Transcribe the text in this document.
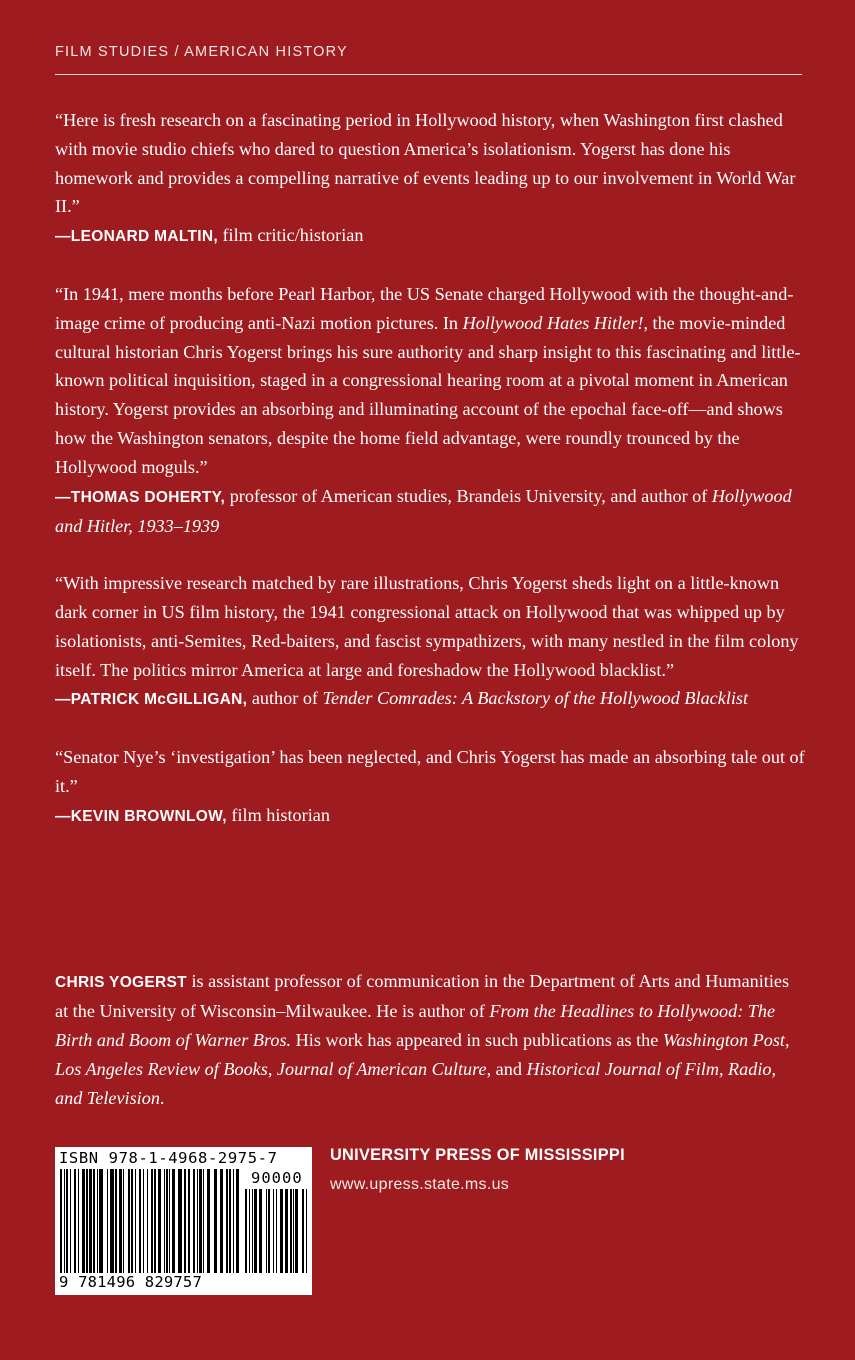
FILM STUDIES / AMERICAN HISTORY

“Here is fresh research on a fascinating period in Hollywood history, when Washington first clashed with movie studio chiefs who dared to question America’s isolationism. Yogerst has done his homework and provides a compelling narrative of events leading up to our involvement in World War II.”

—LEONARD MALTIN, film critic/historian

“In 1941, mere months before Pearl Harbor, the US Senate charged Hollywood with the thought-and-image crime of producing anti-Nazi motion pictures. In Hollywood Hates Hitler!, the movie-minded cultural historian Chris Yogerst brings his sure authority and sharp insight to this fascinating and little-known political inquisition, staged in a congressional hearing room at a pivotal moment in American history. Yogerst provides an absorbing and illuminating account of the epochal face-off—and shows how the Washington senators, despite the home field advantage, were roundly trounced by the Hollywood moguls.”

—THOMAS DOHERTY, professor of American studies, Brandeis University, and author of Hollywood and Hitler, 1933–1939

“With impressive research matched by rare illustrations, Chris Yogerst sheds light on a little-known dark corner in US film history, the 1941 congressional attack on Hollywood that was whipped up by isolationists, anti-Semites, Red-baiters, and fascist sympathizers, with many nestled in the film colony itself. The politics mirror America at large and foreshadow the Hollywood blacklist.”

—PATRICK McGILLIGAN, author of Tender Comrades: A Backstory of the Hollywood Blacklist

“Senator Nye’s ‘investigation’ has been neglected, and Chris Yogerst has made an absorbing tale out of it.”

—KEVIN BROWNLOW, film historian

CHRIS YOGERST is assistant professor of communication in the Department of Arts and Humanities at the University of Wisconsin–Milwaukee. He is author of From the Headlines to Hollywood: The Birth and Boom of Warner Bros. His work has appeared in such publications as the Washington Post, Los Angeles Review of Books, Journal of American Culture, and Historical Journal of Film, Radio, and Television.

ISBN 978-1-4968-2975-7
90000
9 781496 829757
UNIVERSITY PRESS OF MISSISSIPPI
www.upress.state.ms.us
